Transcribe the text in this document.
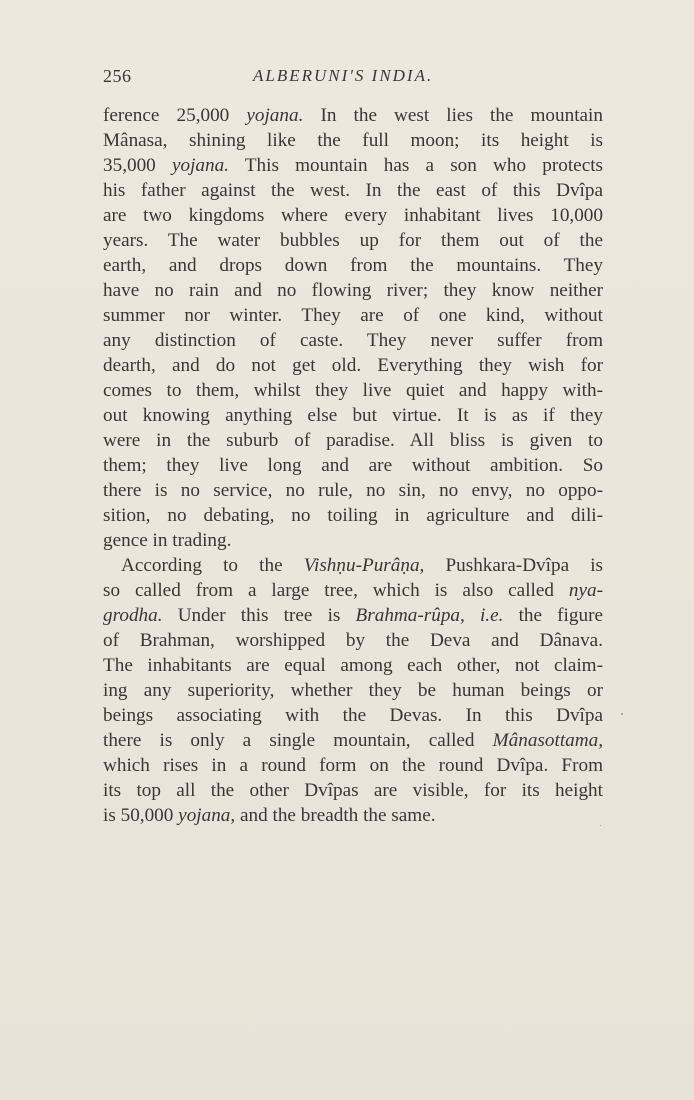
256	ALBERUNI'S INDIA.
ference 25,000 yojana. In the west lies the mountain
Mânasa, shining like the full moon; its height is
35,000 yojana. This mountain has a son who protects
his father against the west. In the east of this Dvîpa
are two kingdoms where every inhabitant lives 10,000
years. The water bubbles up for them out of the
earth, and drops down from the mountains. They
have no rain and no flowing river; they know neither
summer nor winter. They are of one kind, without
any distinction of caste. They never suffer from
dearth, and do not get old. Everything they wish for
comes to them, whilst they live quiet and happy with-
out knowing anything else but virtue. It is as if they
were in the suburb of paradise. All bliss is given to
them; they live long and are without ambition. So
there is no service, no rule, no sin, no envy, no oppo-
sition, no debating, no toiling in agriculture and dili-
gence in trading.
According to the Vishṇu-Purâṇa, Pushkara-Dvîpa is
so called from a large tree, which is also called nya-
grodha. Under this tree is Brahma-rûpa, i.e. the figure
of Brahman, worshipped by the Deva and Dânava.
The inhabitants are equal among each other, not claim-
ing any superiority, whether they be human beings or
beings associating with the Devas. In this Dvîpa
there is only a single mountain, called Mânasottama,
which rises in a round form on the round Dvîpa. From
its top all the other Dvîpas are visible, for its height
is 50,000 yojana, and the breadth the same.
